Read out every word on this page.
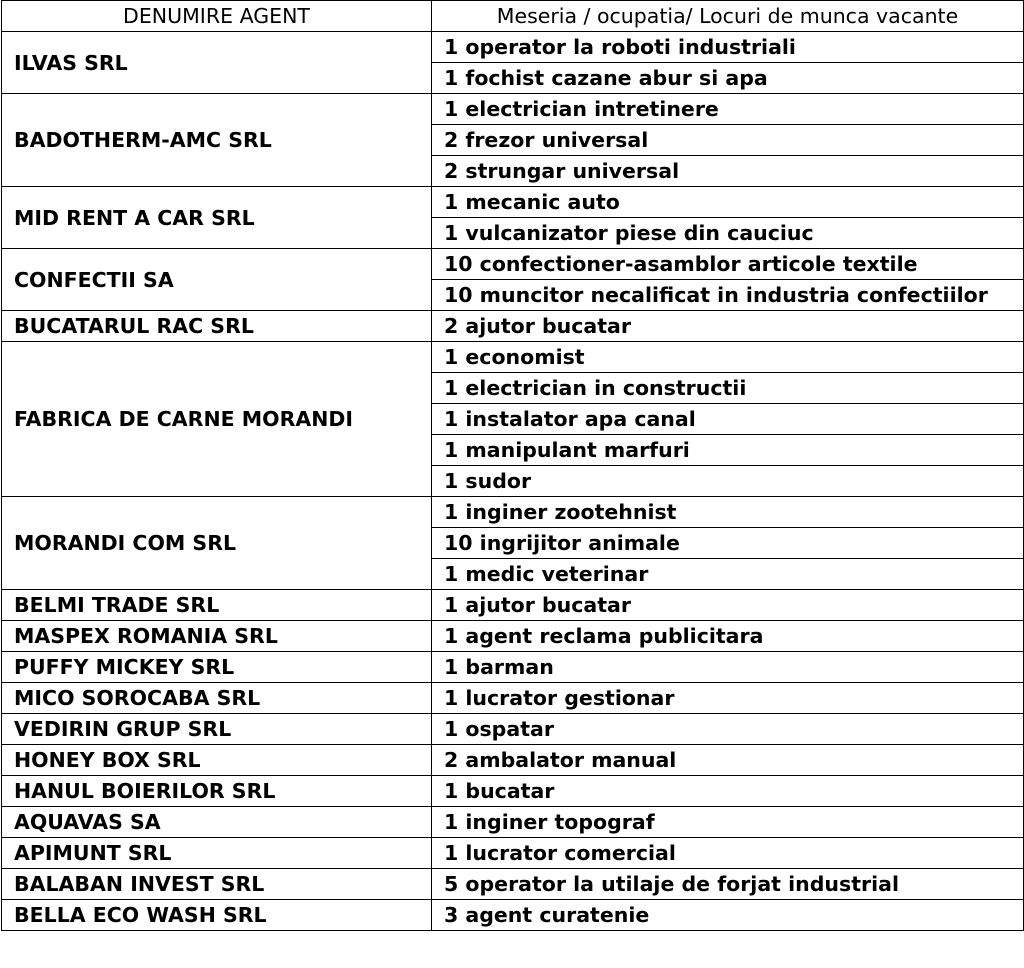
DENUMIRE AGENT	Meseria / ocupatia/ Locuri de munca vacante
ILVAS SRL	1 operator la roboti industriali
	1 fochist cazane abur si apa
BADOTHERM-AMC SRL	1 electrician intretinere
	2 frezor universal
	2 strungar universal
MID RENT A CAR SRL	1 mecanic auto
	1 vulcanizator piese din cauciuc
CONFECTII SA	10 confectioner-asamblor articole textile
	10 muncitor necalificat in industria confectiilor
BUCATARUL RAC SRL	2 ajutor bucatar
FABRICA DE CARNE MORANDI	1 economist
	1 electrician in constructii
	1 instalator apa canal
	1 manipulant marfuri
	1 sudor
MORANDI COM SRL	1 inginer zootehnist
	10 ingrijitor animale
	1 medic veterinar
BELMI TRADE SRL	1 ajutor bucatar
MASPEX ROMANIA SRL	1 agent reclama publicitara
PUFFY MICKEY SRL	1 barman
MICO SOROCABA SRL	1 lucrator gestionar
VEDIRIN GRUP SRL	1 ospatar
HONEY BOX SRL	2 ambalator manual
HANUL BOIERILOR SRL	1 bucatar
AQUAVAS SA	1 inginer topograf
APIMUNT SRL	1 lucrator comercial
BALABAN INVEST SRL	5 operator la utilaje de forjat industrial
BELLA ECO WASH SRL	3 agent curatenie
